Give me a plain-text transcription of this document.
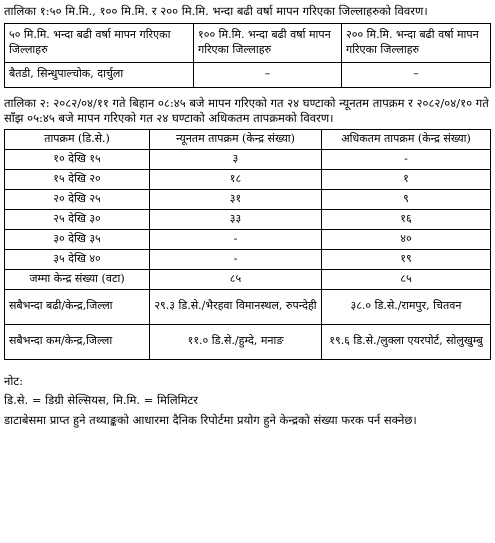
तालिका १:५० मि.मि., १०० मि.मि. र २०० मि.मि. भन्दा बढी वर्षा मापन गरिएका जिल्लाहरुको विवरण।

५० मि.मि. भन्दा बढी वर्षा मापन गरिएका जिल्लाहरु	१०० मि.मि. भन्दा बढी वर्षा मापन गरिएका जिल्लाहरु	२०० मि.मि. भन्दा बढी वर्षा मापन गरिएका जिल्लाहरु
बैतडी, सिन्धुपाल्चोक, दार्चुला	–	–

तालिका २: २०८२/०४/११ गते बिहान ०८:४५ बजे मापन गरिएको गत २४ घण्टाको न्यूनतम तापक्रम र २०८२/०४/१० गते साँझ ०५:४५ बजे मापन गरिएको गत २४ घण्टाको अधिकतम तापक्रमको विवरण।

तापक्रम (डि.से.)	न्यूनतम तापक्रम (केन्द्र संख्या)	अधिकतम तापक्रम (केन्द्र संख्या)
१० देखि १५	३	-
१५ देखि २०	१८	१
२० देखि २५	३१	९
२५ देखि ३०	३३	१६
३० देखि ३५	-	४०
३५ देखि ४०	-	१९
जम्मा केन्द्र संख्या (वटा)	८५	८५
सबैभन्दा बढी/केन्द्र,जिल्ला	२९.३ डि.से./भैरहवा विमानस्थल, रुपन्देही	३८.० डि.से./रामपुर, चितवन
सबैभन्दा कम/केन्द्र,जिल्ला	११.० डि.से./हुम्दे, मनाङ	१९.६ डि.से./लुक्ला एयरपोर्ट, सोलुखुम्बु

नोट:

डि.से. = डिग्री सेल्सियस, मि.मि. = मिलिमिटर

डाटाबेसमा प्राप्त हुने तथ्याङ्कको आधारमा दैनिक रिपोर्टमा प्रयोग हुने केन्द्रको संख्या फरक पर्न सक्नेछ।
